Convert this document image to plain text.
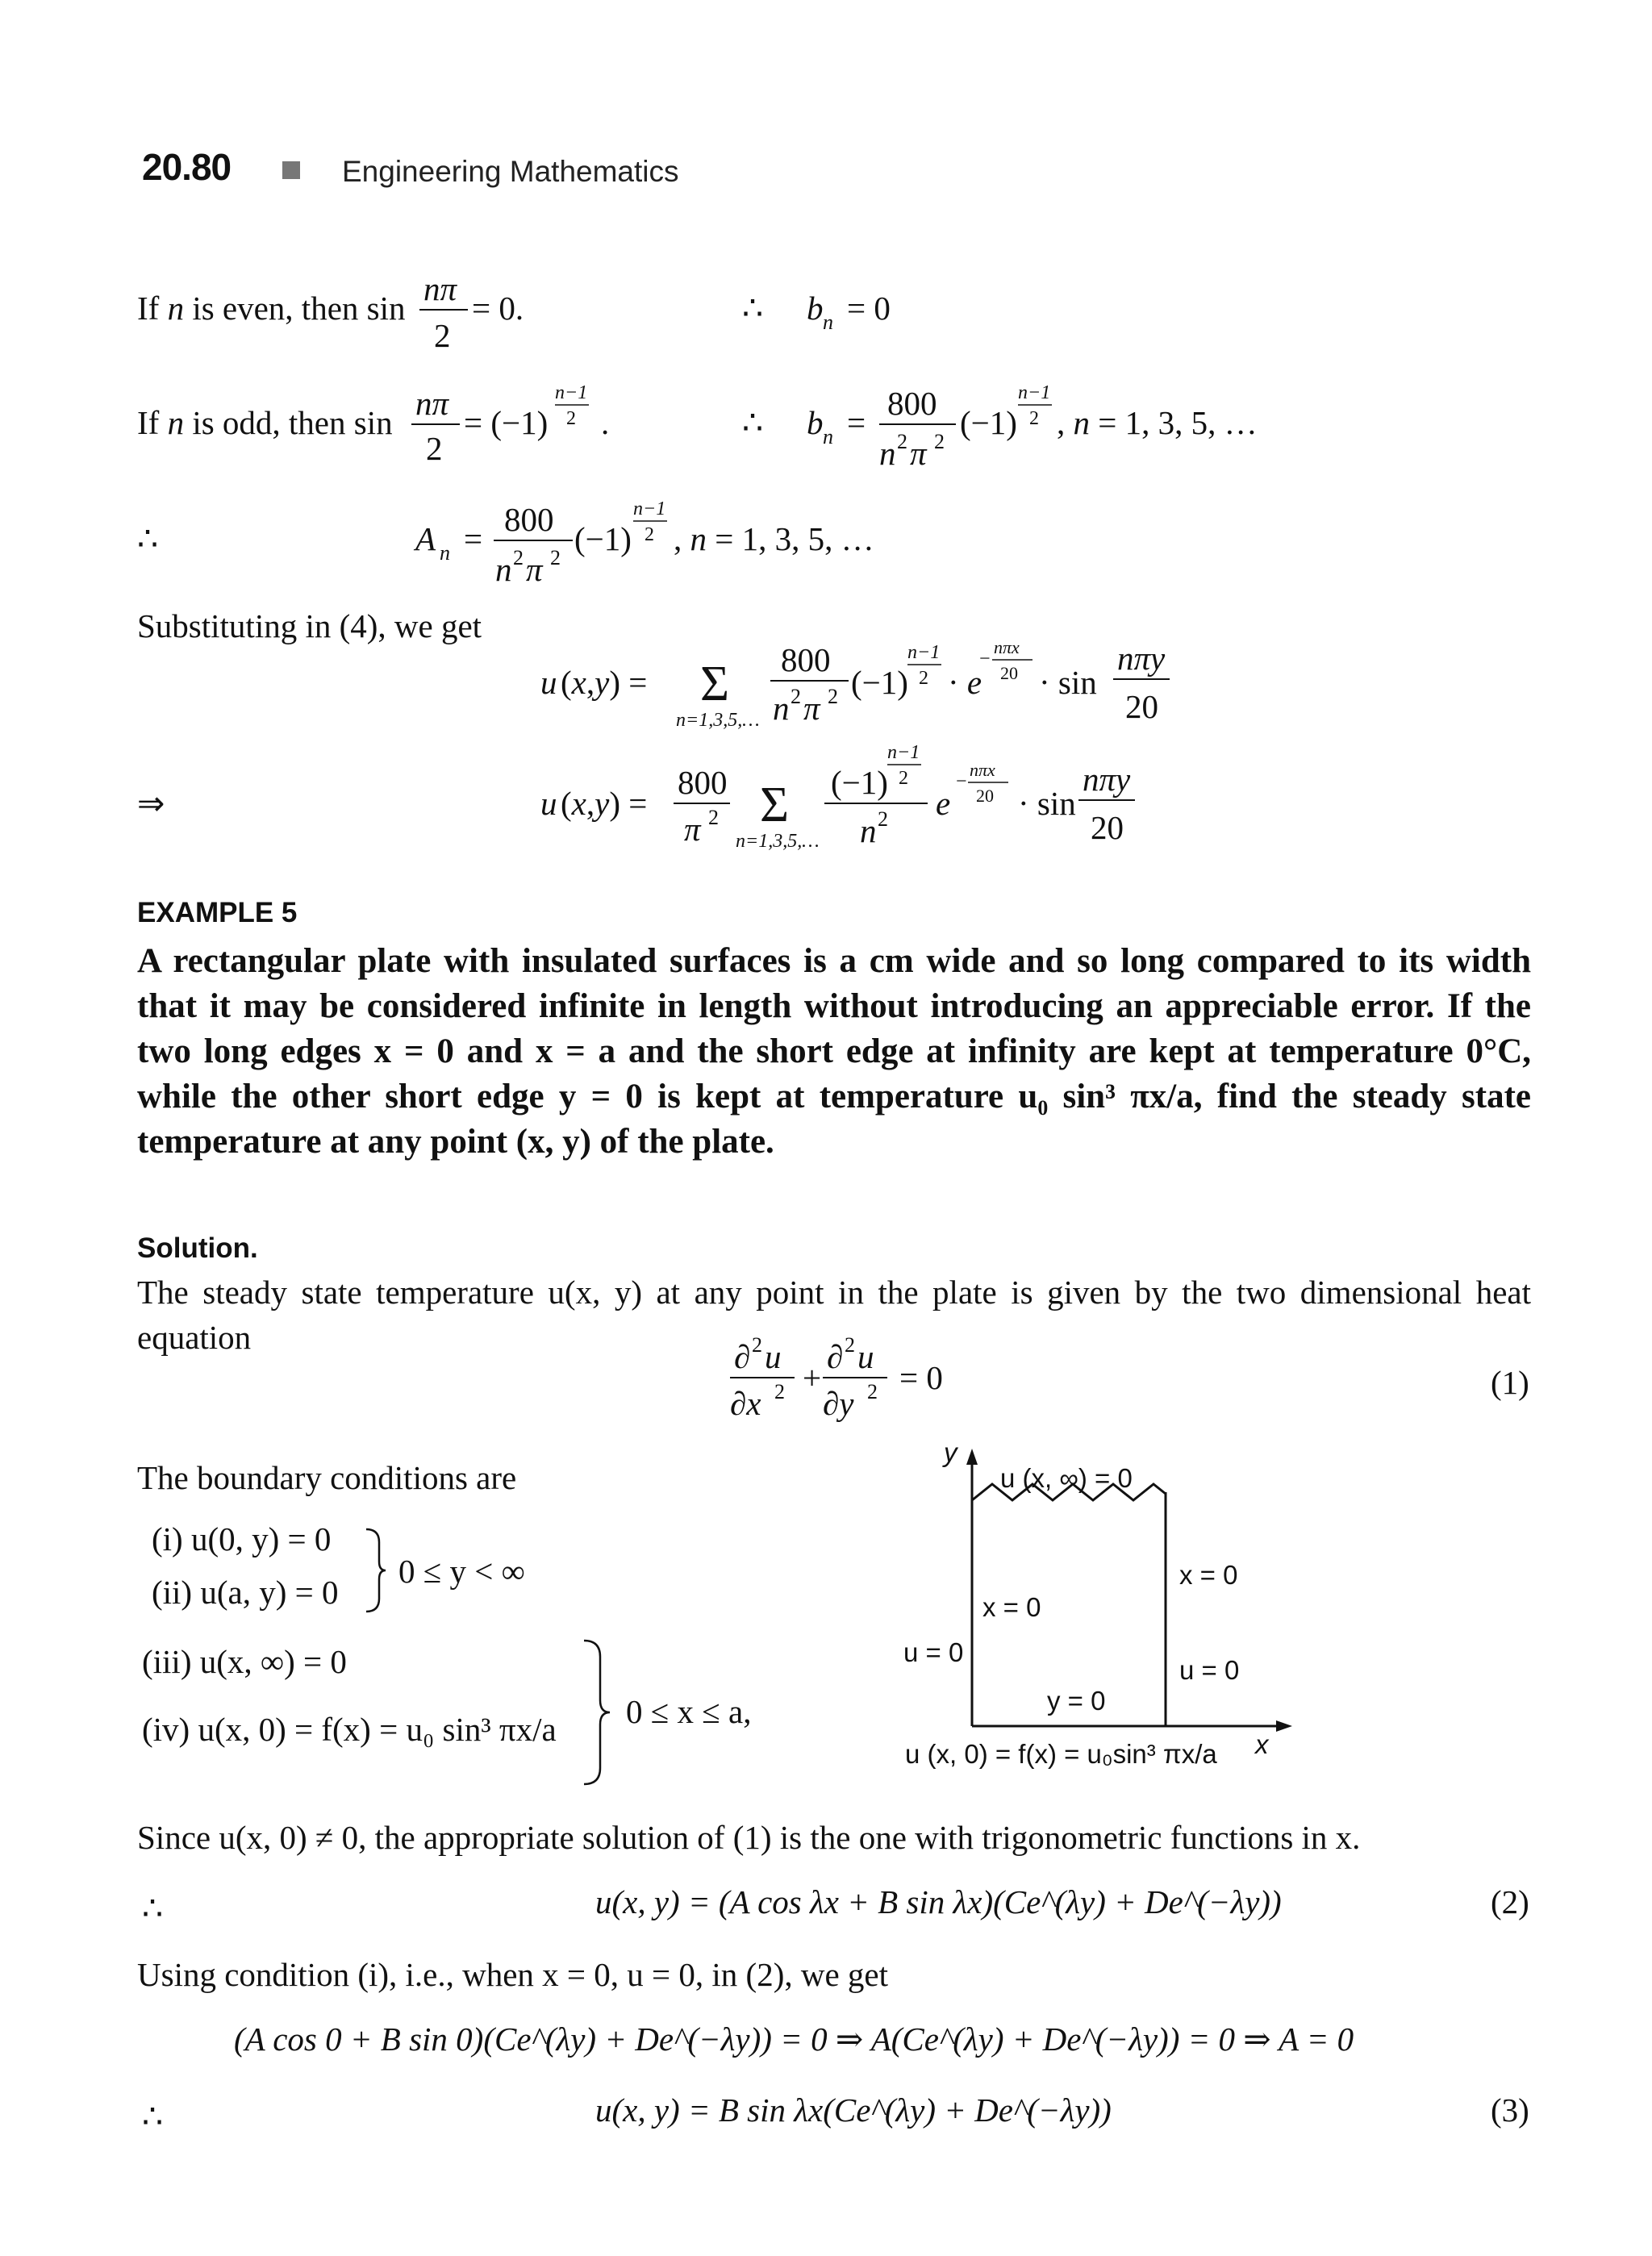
20.80	Engineering Mathematics
If n is even, then sin
nπ
2
= 0.	∴ b n = 0
If n is odd, then sin
nπ
2
= (−1)
n−1
2 .	∴ b n =
800
n 2 π 2
(−1)
n−1
2 , n = 1, 3, 5, …
∴	A n =
800
n 2 π 2
(−1)
n−1
2 , n = 1, 3, 5, …
Substituting in (4), we get
u (x,y) = Σ
n=1,3,5,…
800
n 2 π 2 (−1)
n−1
2 · e
−
nπx
20 · sin
nπy
20
⇒	u (x,y) =
800
π 2 Σ
n=1,3,5,…
(−1)
n−1
2
n 2 e
−
nπx
20 · sin
nπy
20
EXAMPLE 5
A rectangular plate with insulated surfaces is a cm wide and so long compared to its width that it may be considered infinite in length without introducing an appreciable error. If the two long edges x = 0 and x = a and the short edge at infinity are kept at temperature 0°C, while the other short edge y = 0 is kept at temperature u₀ sin³ πx/a, find the steady state temperature at any point (x, y) of the plate.
Solution.
The steady state temperature u(x, y) at any point in the plate is given by the two dimensional heat equation
∂ 2 u
∂x 2 +
∂ 2 u
∂y 2 = 0	(1)
The boundary conditions are
(i) u(0, y) = 0
(ii) u(a, y) = 0
0 ≤ y < ∞
(iii) u(x, ∞) = 0
(iv) u(x, 0) = f(x) = u₀ sin³ πx/a 0 ≤ x ≤ a,
y
u (x, ∞) = 0
x = 0
u = 0
x = 0
u = 0
y = 0
u (x, 0) = f(x) = u₀sin³ πx/a x
Since u(x, 0) ≠ 0, the appropriate solution of (1) is the one with trigonometric functions in x.
∴	u(x, y) = (A cos λx + B sin λx)(Ce^(λy) + De^(−λy))	(2)
Using condition (i), i.e., when x = 0, u = 0, in (2), we get
(A cos 0 + B sin 0)(Ce^(λy) + De^(−λy)) = 0 ⇒ A(Ce^(λy) + De^(−λy)) = 0 ⇒ A = 0
∴	u(x, y) = B sin λx(Ce^(λy) + De^(−λy))	(3)
